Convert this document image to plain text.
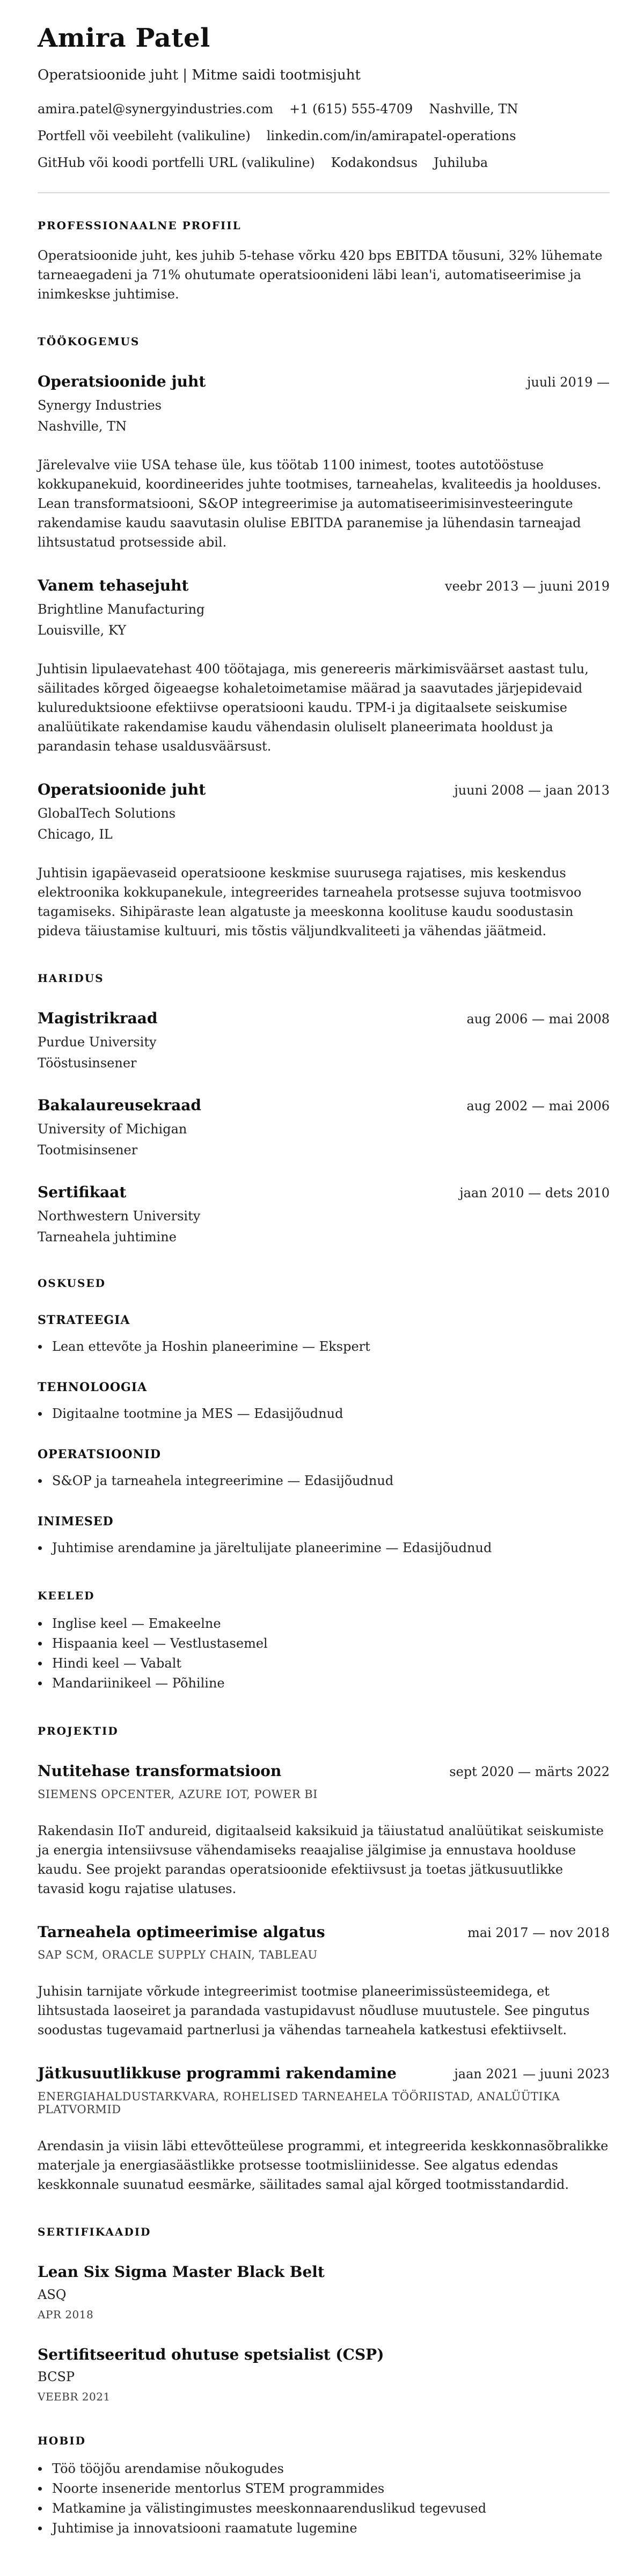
Amira Patel
Operatsioonide juht | Mitme saidi tootmisjuht
amira.patel@synergyindustries.com +1 (615) 555-4709 Nashville, TN
Portfell või veebileht (valikuline) linkedin.com/in/amirapatel-operations
GitHub või koodi portfelli URL (valikuline) Kodakondsus Juhiluba
PROFESSIONAALNE PROFIIL

Operatsioonide juht, kes juhib 5-tehase võrku 420 bps EBITDA tõusuni, 32% lühemate tarneaegadeni ja 71% ohutumate operatsioonideni läbi lean'i, automatiseerimise ja inimkeskse juhtimise.

TÖÖKOGEMUS
Operatsioonide juht	juuli 2019 —
Synergy Industries
Nashville, TN

Järelevalve viie USA tehase üle, kus töötab 1100 inimest, tootes autotööstuse kokkupanekuid, koordineerides juhte tootmises, tarneahelas, kvaliteedis ja hoolduses. Lean transformatsiooni, S&OP integreerimise ja automatiseerimisinvesteeringute rakendamise kaudu saavutasin olulise EBITDA paranemise ja lühendasin tarneajad lihtsustatud protsesside abil.

Vanem tehasejuht	veebr 2013 — juuni 2019
Brightline Manufacturing
Louisville, KY

Juhtisin lipulaevatehast 400 töötajaga, mis genereeris märkimisväärset aastast tulu, säilitades kõrged õigeaegse kohaletoimetamise määrad ja saavutades järjepidevaid kulureduktsioone efektiivse operatsiooni kaudu. TPM-i ja digitaalsete seiskumise analüütikate rakendamise kaudu vähendasin oluliselt planeerimata hooldust ja parandasin tehase usaldusväärsust.

Operatsioonide juht	juuni 2008 — jaan 2013
GlobalTech Solutions
Chicago, IL

Juhtisin igapäevaseid operatsioone keskmise suurusega rajatises, mis keskendus elektroonika kokkupanekule, integreerides tarneahela protsesse sujuva tootmisvoo tagamiseks. Sihipäraste lean algatuste ja meeskonna koolituse kaudu soodustasin pideva täiustamise kultuuri, mis tõstis väljundkvaliteeti ja vähendas jäätmeid.

HARIDUS
Magistrikraad	aug 2006 — mai 2008
Purdue University
Tööstusinsener
Bakalaureusekraad	aug 2002 — mai 2006
University of Michigan
Tootmisinsener
Sertifikaat	jaan 2010 — dets 2010
Northwestern University
Tarneahela juhtimine
OSKUSED
STRATEEGIA
Lean ettevõte ja Hoshin planeerimine — Ekspert
TEHNOLOOGIA
Digitaalne tootmine ja MES — Edasijõudnud
OPERATSIOONID
S&OP ja tarneahela integreerimine — Edasijõudnud
INIMESED
Juhtimise arendamine ja järeltulijate planeerimine — Edasijõudnud
KEELED
Inglise keel — Emakeelne
Hispaania keel — Vestlustasemel
Hindi keel — Vabalt
Mandariinikeel — Põhiline
PROJEKTID
Nutitehase transformatsioon	sept 2020 — märts 2022
SIEMENS OPCENTER, AZURE IOT, POWER BI

Rakendasin IIoT andureid, digitaalseid kaksikuid ja täiustatud analüütikat seiskumiste ja energia intensiivsuse vähendamiseks reaajalise jälgimise ja ennustava hoolduse kaudu. See projekt parandas operatsioonide efektiivsust ja toetas jätkusuutlikke tavasid kogu rajatise ulatuses.

Tarneahela optimeerimise algatus	mai 2017 — nov 2018
SAP SCM, ORACLE SUPPLY CHAIN, TABLEAU

Juhisin tarnijate võrkude integreerimist tootmise planeerimissüsteemidega, et lihtsustada laoseiret ja parandada vastupidavust nõudluse muutustele. See pingutus soodustas tugevamaid partnerlusi ja vähendas tarneahela katkestusi efektiivselt.

Jätkusuutlikkuse programmi rakendamine	jaan 2021 — juuni 2023
ENERGIAHALDUSTARKVARA, ROHELISED TARNEAHELA TÖÖRIISTAD, ANALÜÜTIKA PLATVORMID

Arendasin ja viisin läbi ettevõtteülese programmi, et integreerida keskkonnasõbralikke materjale ja energiasäästlikke protsesse tootmisliinidesse. See algatus edendas keskkonnale suunatud eesmärke, säilitades samal ajal kõrged tootmisstandardid.

SERTIFIKAADID
Lean Six Sigma Master Black Belt
ASQ
APR 2018
Sertifitseeritud ohutuse spetsialist (CSP)
BCSP
VEEBR 2021
HOBID
Töö tööjõu arendamise nõukogudes
Noorte inseneride mentorlus STEM programmides
Matkamine ja välistingimustes meeskonnaarenduslikud tegevused
Juhtimise ja innovatsiooni raamatute lugemine
